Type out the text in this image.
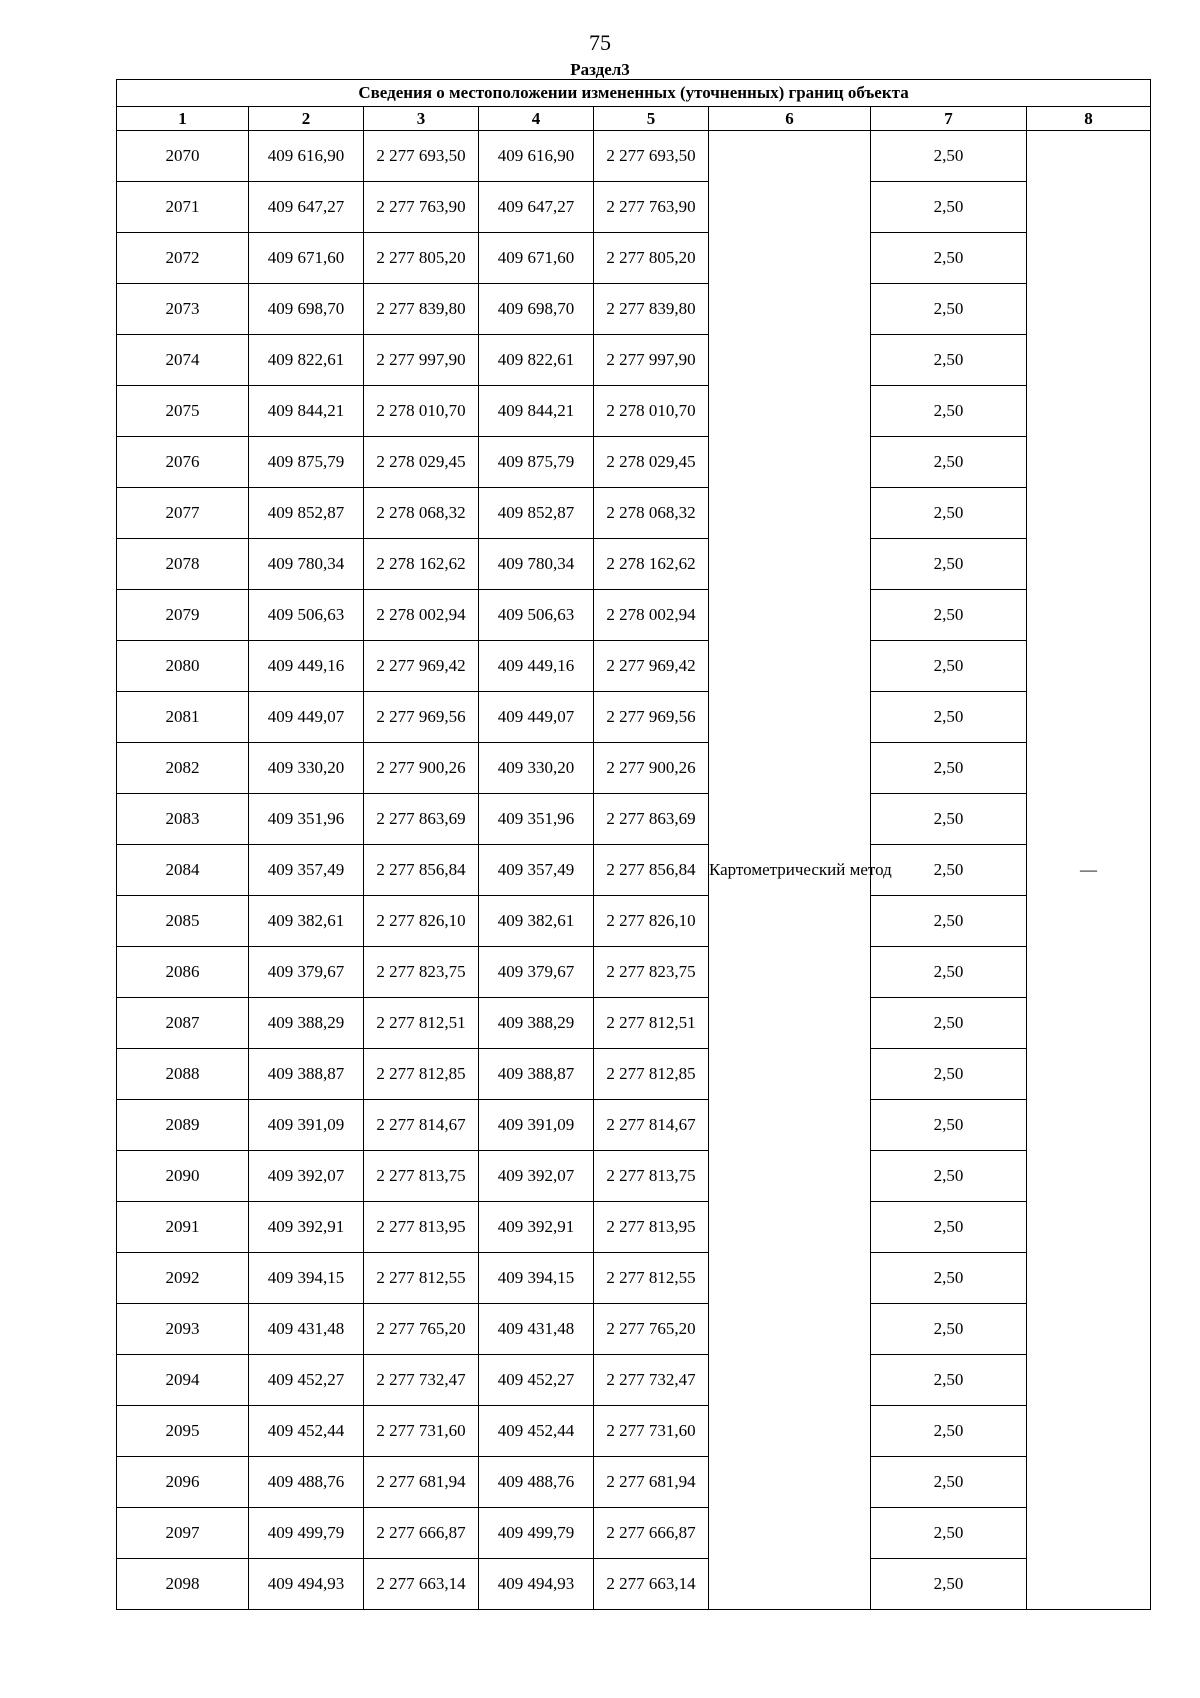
75
Раздел3
Сведения о местоположении измененных (уточненных) границ объекта							
1	2	3	4	5	6	7	8
2070	409 616,90	2 277 693,50	409 616,90	2 277 693,50	Картометрический метод	2,50	—
2071	409 647,27	2 277 763,90	409 647,27	2 277 763,90		2,50	
2072	409 671,60	2 277 805,20	409 671,60	2 277 805,20		2,50	
2073	409 698,70	2 277 839,80	409 698,70	2 277 839,80		2,50	
2074	409 822,61	2 277 997,90	409 822,61	2 277 997,90		2,50	
2075	409 844,21	2 278 010,70	409 844,21	2 278 010,70		2,50	
2076	409 875,79	2 278 029,45	409 875,79	2 278 029,45		2,50	
2077	409 852,87	2 278 068,32	409 852,87	2 278 068,32		2,50	
2078	409 780,34	2 278 162,62	409 780,34	2 278 162,62		2,50	
2079	409 506,63	2 278 002,94	409 506,63	2 278 002,94		2,50	
2080	409 449,16	2 277 969,42	409 449,16	2 277 969,42		2,50	
2081	409 449,07	2 277 969,56	409 449,07	2 277 969,56		2,50	
2082	409 330,20	2 277 900,26	409 330,20	2 277 900,26		2,50	
2083	409 351,96	2 277 863,69	409 351,96	2 277 863,69		2,50	
2084	409 357,49	2 277 856,84	409 357,49	2 277 856,84		2,50	
2085	409 382,61	2 277 826,10	409 382,61	2 277 826,10		2,50	
2086	409 379,67	2 277 823,75	409 379,67	2 277 823,75		2,50	
2087	409 388,29	2 277 812,51	409 388,29	2 277 812,51		2,50	
2088	409 388,87	2 277 812,85	409 388,87	2 277 812,85		2,50	
2089	409 391,09	2 277 814,67	409 391,09	2 277 814,67		2,50	
2090	409 392,07	2 277 813,75	409 392,07	2 277 813,75		2,50	
2091	409 392,91	2 277 813,95	409 392,91	2 277 813,95		2,50	
2092	409 394,15	2 277 812,55	409 394,15	2 277 812,55		2,50	
2093	409 431,48	2 277 765,20	409 431,48	2 277 765,20		2,50	
2094	409 452,27	2 277 732,47	409 452,27	2 277 732,47		2,50	
2095	409 452,44	2 277 731,60	409 452,44	2 277 731,60		2,50	
2096	409 488,76	2 277 681,94	409 488,76	2 277 681,94		2,50	
2097	409 499,79	2 277 666,87	409 499,79	2 277 666,87		2,50	
2098	409 494,93	2 277 663,14	409 494,93	2 277 663,14		2,50	
